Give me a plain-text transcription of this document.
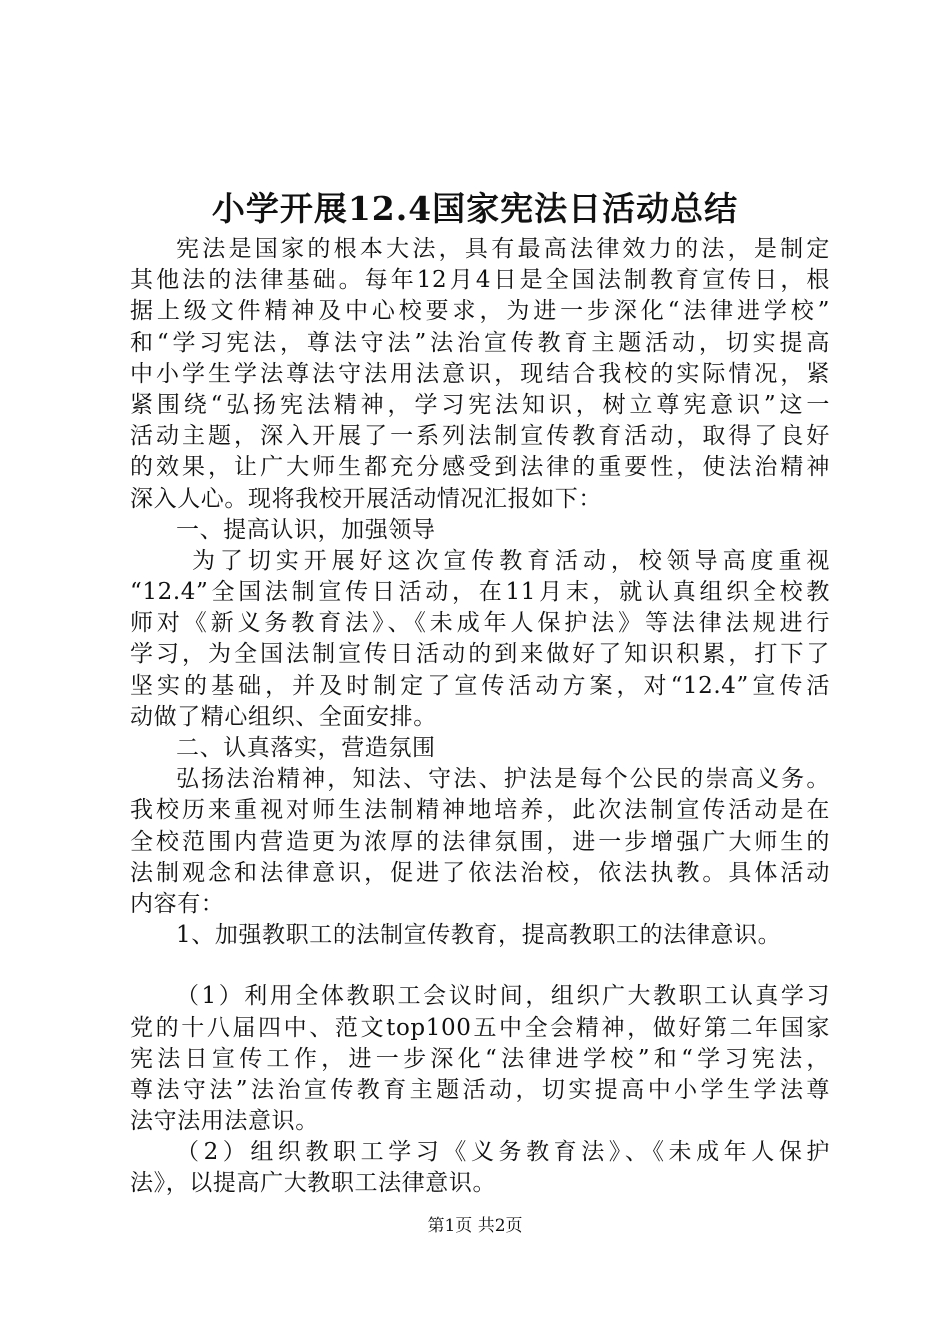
小学开展12.4国家宪法日活动总结
宪法是国家的根本大法，具有最高法律效力的法，是制定
其他法的法律基础。每年12月4日是全国法制教育宣传日，根
据上级文件精神及中心校要求，为进一步深化“法律进学校”
和“学习宪法，尊法守法”法治宣传教育主题活动，切实提高
中小学生学法尊法守法用法意识，现结合我校的实际情况，紧
紧围绕“弘扬宪法精神，学习宪法知识，树立尊宪意识”这一
活动主题，深入开展了一系列法制宣传教育活动，取得了良好
的效果，让广大师生都充分感受到法律的重要性，使法治精神
深入人心。现将我校开展活动情况汇报如下：
一、提高认识，加强领导
为了切实开展好这次宣传教育活动，校领导高度重视
“12.4”全国法制宣传日活动，在11月末，就认真组织全校教
师对《新义务教育法》、《未成年人保护法》等法律法规进行
学习，为全国法制宣传日活动的到来做好了知识积累，打下了
坚实的基础，并及时制定了宣传活动方案，对“12.4”宣传活
动做了精心组织、全面安排。
二、认真落实，营造氛围
弘扬法治精神，知法、守法、护法是每个公民的崇高义务。
我校历来重视对师生法制精神地培养，此次法制宣传活动是在
全校范围内营造更为浓厚的法律氛围，进一步增强广大师生的
法制观念和法律意识，促进了依法治校，依法执教。具体活动
内容有：
1、加强教职工的法制宣传教育，提高教职工的法律意识。
（1）利用全体教职工会议时间，组织广大教职工认真学习
党的十八届四中、范文top100五中全会精神，做好第二年国家
宪法日宣传工作，进一步深化“法律进学校”和“学习宪法，
尊法守法”法治宣传教育主题活动，切实提高中小学生学法尊
法守法用法意识。
（2）组织教职工学习《义务教育法》、《未成年人保护
法》，以提高广大教职工法律意识。
第1页 共2页
